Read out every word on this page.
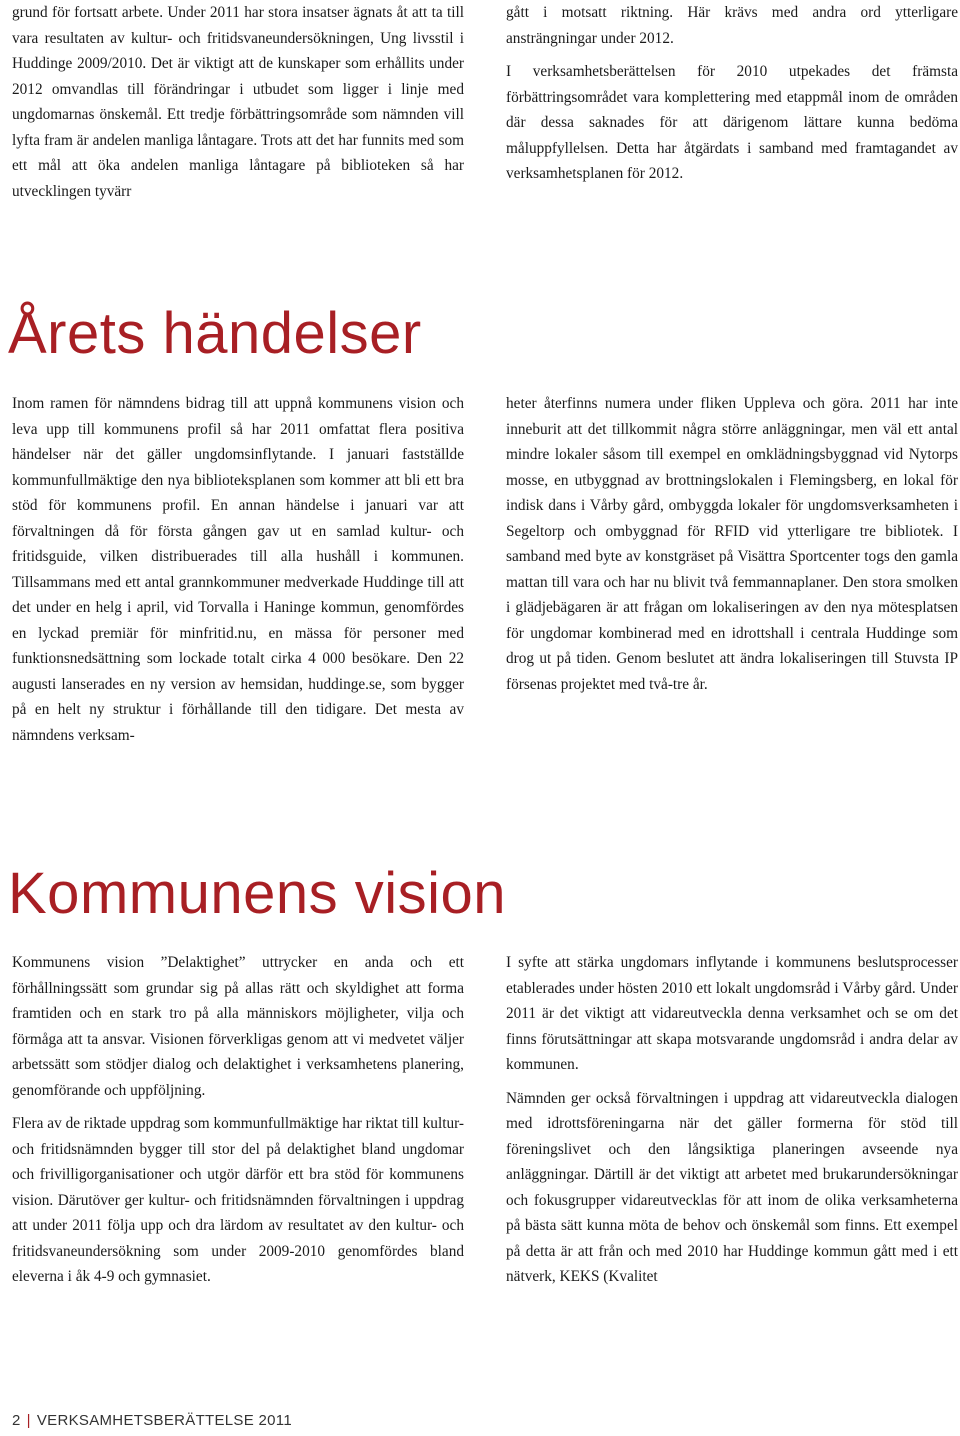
grund för fortsatt arbete. Under 2011 har stora insatser ägnats åt att ta till vara resultaten av kultur- och fritidsvaneundersökningen, Ung livsstil i Huddinge 2009/2010. Det är viktigt att de kunskaper som erhållits under 2012 omvandlas till förändringar i utbudet som ligger i linje med ungdomarnas önskemål. Ett tredje förbättringsområde som nämnden vill lyfta fram är andelen manliga låntagare. Trots att det har funnits med som ett mål att öka andelen manliga låntagare på biblioteken så har utvecklingen tyvärr

gått i motsatt riktning. Här krävs med andra ord ytterligare ansträngningar under 2012.

I verksamhetsberättelsen för 2010 utpekades det främsta förbättringsområdet vara komplettering med etappmål inom de områden där dessa saknades för att därigenom lättare kunna bedöma måluppfyllelsen. Detta har åtgärdats i samband med framtagandet av verksamhetsplanen för 2012.

Årets händelser

Inom ramen för nämndens bidrag till att uppnå kommunens vision och leva upp till kommunens profil så har 2011 omfattat flera positiva händelser när det gäller ungdomsinflytande. I januari fastställde kommunfullmäktige den nya biblioteksplanen som kommer att bli ett bra stöd för kommunens profil. En annan händelse i januari var att förvaltningen då för första gången gav ut en samlad kultur- och fritidsguide, vilken distribuerades till alla hushåll i kommunen. Tillsammans med ett antal grannkommuner medverkade Huddinge till att det under en helg i april, vid Torvalla i Haninge kommun, genomfördes en lyckad premiär för minfritid.nu, en mässa för personer med funktionsnedsättning som lockade totalt cirka 4 000 besökare. Den 22 augusti lanserades en ny version av hemsidan, huddinge.se, som bygger på en helt ny struktur i förhållande till den tidigare. Det mesta av nämndens verksam-

heter återfinns numera under fliken Uppleva och göra. 2011 har inte inneburit att det tillkommit några större anläggningar, men väl ett antal mindre lokaler såsom till exempel en omklädningsbyggnad vid Nytorps mosse, en utbyggnad av brottningslokalen i Flemingsberg, en lokal för indisk dans i Vårby gård, ombyggda lokaler för ungdomsverksamheten i Segeltorp och ombyggnad för RFID vid ytterligare tre bibliotek. I samband med byte av konstgräset på Visättra Sportcenter togs den gamla mattan till vara och har nu blivit två femmannaplaner. Den stora smolken i glädjebägaren är att frågan om lokaliseringen av den nya mötesplatsen för ungdomar kombinerad med en idrottshall i centrala Huddinge som drog ut på tiden. Genom beslutet att ändra lokaliseringen till Stuvsta IP försenas projektet med två-tre år.

Kommunens vision

Kommunens vision ”Delaktighet” uttrycker en anda och ett förhållningssätt som grundar sig på allas rätt och skyldighet att forma framtiden och en stark tro på alla människors möjligheter, vilja och förmåga att ta ansvar. Visionen förverkligas genom att vi medvetet väljer arbetssätt som stödjer dialog och delaktighet i verksamhetens planering, genomförande och uppföljning.

Flera av de riktade uppdrag som kommunfullmäktige har riktat till kultur- och fritidsnämnden bygger till stor del på delaktighet bland ungdomar och frivilligorganisationer och utgör därför ett bra stöd för kommunens vision. Därutöver ger kultur- och fritidsnämnden förvaltningen i uppdrag att under 2011 följa upp och dra lärdom av resultatet av den kultur- och fritidsvaneundersökning som under 2009-2010 genomfördes bland eleverna i åk 4-9 och gymnasiet.

I syfte att stärka ungdomars inflytande i kommunens beslutsprocesser etablerades under hösten 2010 ett lokalt ungdomsråd i Vårby gård. Under 2011 är det viktigt att vidareutveckla denna verksamhet och se om det finns förutsättningar att skapa motsvarande ungdomsråd i andra delar av kommunen.

Nämnden ger också förvaltningen i uppdrag att vidareutveckla dialogen med idrottsföreningarna när det gäller formerna för stöd till föreningslivet och den långsiktiga planeringen avseende nya anläggningar. Därtill är det viktigt att arbetet med brukarundersökningar och fokusgrupper vidareutvecklas för att inom de olika verksamheterna på bästa sätt kunna möta de behov och önskemål som finns. Ett exempel på detta är att från och med 2010 har Huddinge kommun gått med i ett nätverk, KEKS (Kvalitet

2 | VERKSAMHETSBERÄTTELSE 2011
